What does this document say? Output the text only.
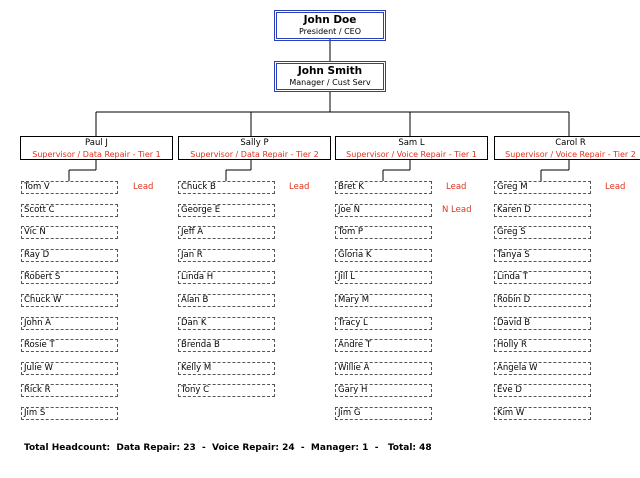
John Doe
President / CEO
John Smith
Manager / Cust Serv
Paul J
Supervisor / Data Repair - Tier 1
Tom V	Lead
Scott C
Vic N
Ray D
Robert S
Chuck W
John A
Rosie T
Julie W
Rick R
Jim S
Sally P
Supervisor / Data Repair - Tier 2
Chuck B	Lead
George E
Jeff A
Jan R
Linda H
Alan B
Dan K
Brenda B
Kelly M
Tony C
Sam L
Supervisor / Voice Repair - Tier 1
Bret K	Lead
Joe N	N Lead
Tom P
Gloria K
Jill L
Mary M
Tracy L
Andre T
Willie A
Gary H
Jim G
Carol R
Supervisor / Voice Repair - Tier 2
Greg M	Lead
Karen D
Greg S
Tanya S
Linda T
Robin D
David B
Holly R
Angela W
Eve D
Kim W
Total Headcount:  Data Repair: 23  -  Voice Repair: 24  -  Manager: 1  -   Total: 48
